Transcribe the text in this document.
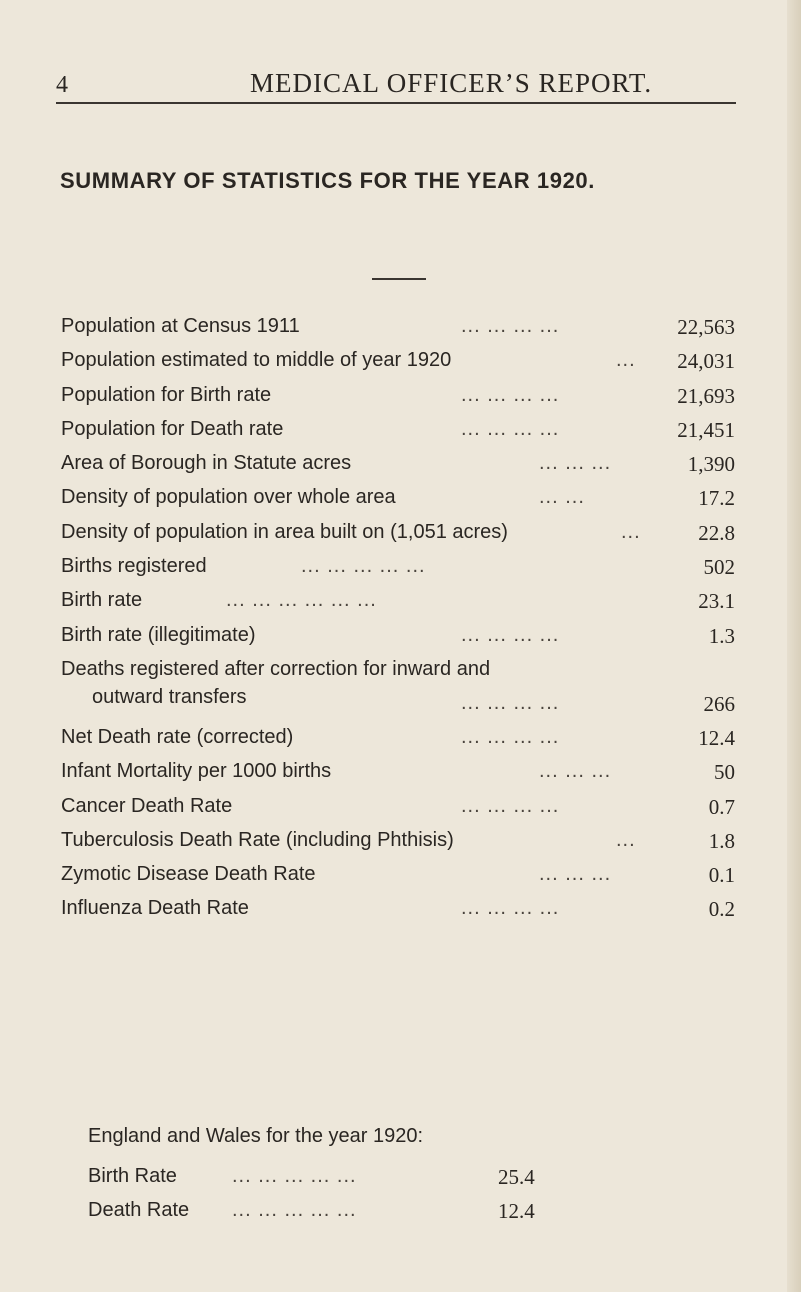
4	MEDICAL OFFICER’S REPORT.
SUMMARY OF STATISTICS FOR THE YEAR 1920.
Population at Census 1911	... ... ... ...	22,563
Population estimated to middle of year 1920	... 24,031
Population for Birth rate	... ... ... ...	21,693
Population for Death rate	... ... ... ...	21,451
Area of Borough in Statute acres	... ... ...	1,390
Density of population over whole area	... ...	17.2
Density of population in area built on (1,051 acres)	...	22.8
Births registered	... ... ... ... ...	502
Birth rate	... ... ... ... ... ...	23.1
Birth rate (illegitimate)	... ... ... ...	1.3
Deaths registered after correction for inward and
outward transfers	... ... ... ...	266
Net Death rate (corrected)	... ... ... ...	12.4
Infant Mortality per 1000 births	... ... ...	50
Cancer Death Rate	... ... ... ...	0.7
Tuberculosis Death Rate (including Phthisis)	...	1.8
Zymotic Disease Death Rate	... ... ...	0.1
Influenza Death Rate	... ... ... ...	0.2
England and Wales for the year 1920:
Birth Rate	... ... ... ... ...	25.4
Death Rate ... ... ... ... ...	12.4
